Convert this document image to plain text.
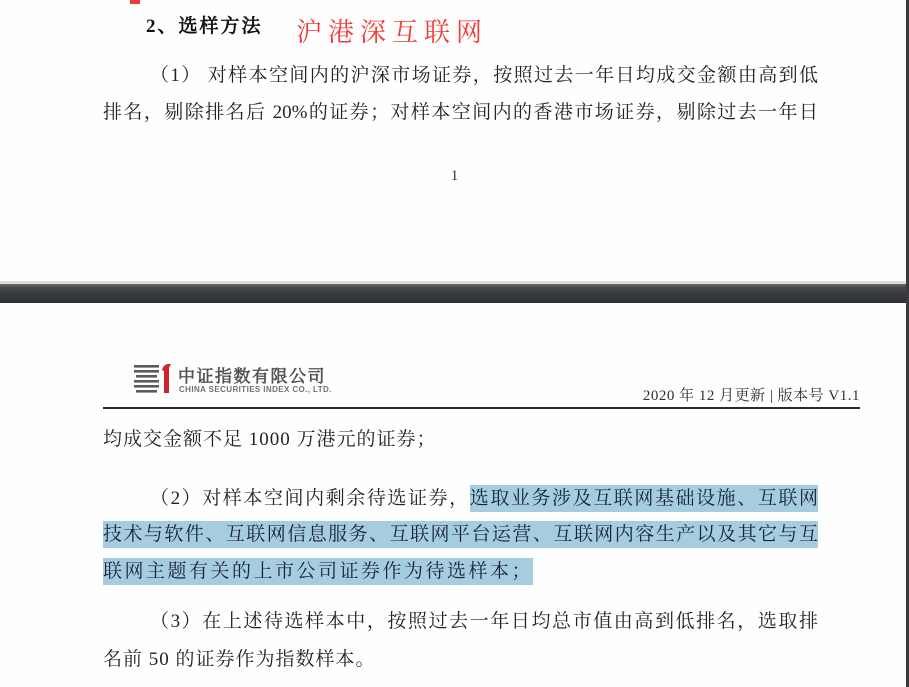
2、选样方法 沪港深互联网

（1） 对样本空间内的沪深市场证券，按照过去一年日均成交金额由高到低

排名，剔除排名后 20%的证券；对样本空间内的香港市场证券，剔除过去一年日

1
中证指数有限公司
CHINA SECURITIES INDEX CO., LTD.	2020 年 12 月更新 | 版本号 V1.1

均成交金额不足 1000 万港元的证券；

（2）对样本空间内剩余待选证券，选取业务涉及互联网基础设施、互联网

技术与软件、互联网信息服务、互联网平台运营、互联网内容生产以及其它与互

联网主题有关的上市公司证券作为待选样本；

（3）在上述待选样本中，按照过去一年日均总市值由高到低排名，选取排

名前 50 的证券作为指数样本。
